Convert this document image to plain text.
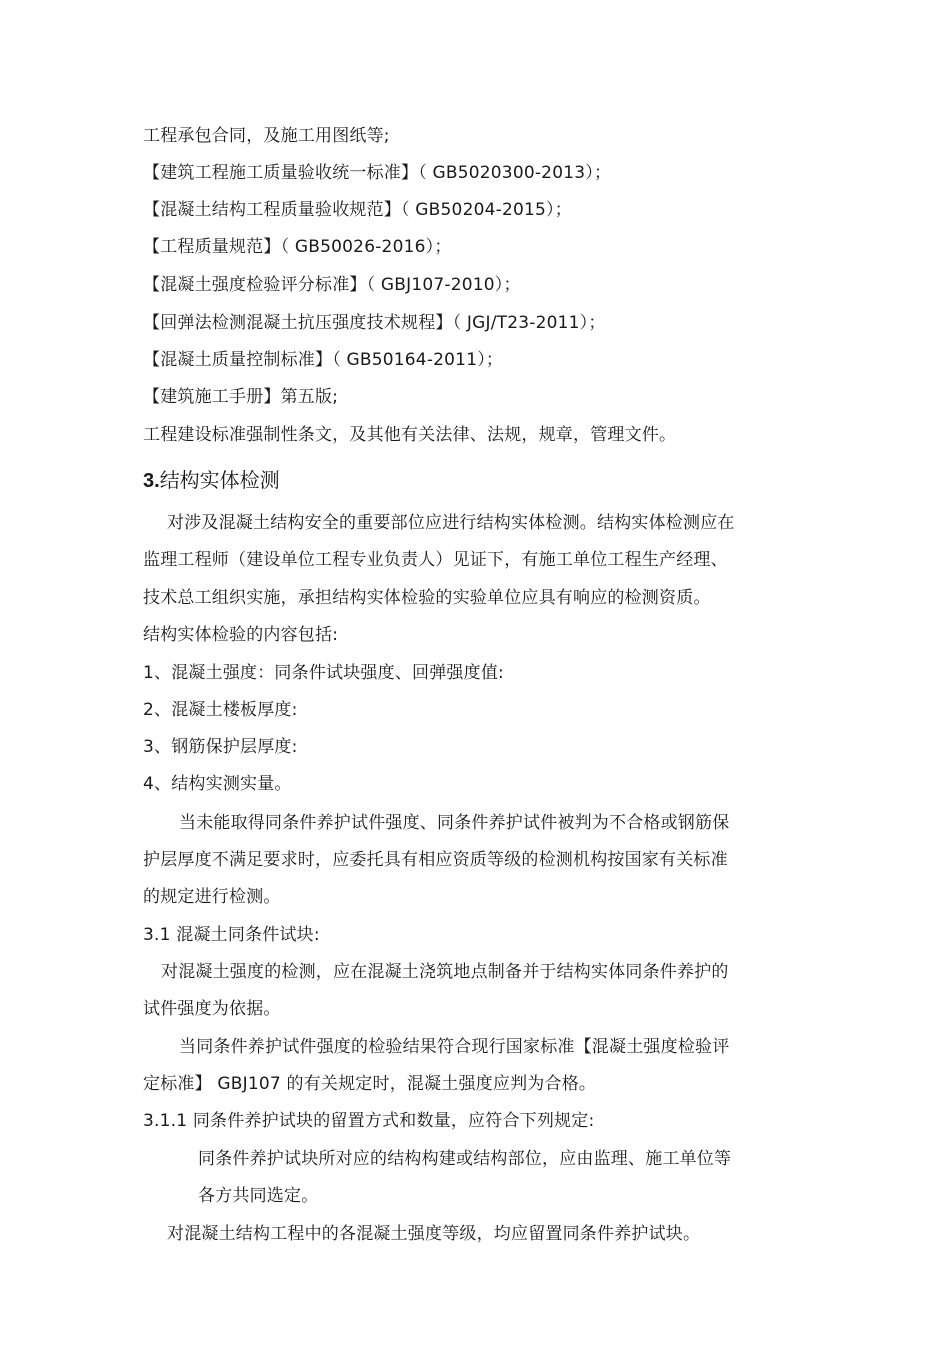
工程承包合同，及施工用图纸等;
【建筑工程施工质量验收统一标准】（ GB5020300-2013）；
【混凝土结构工程质量验收规范】（ GB50204-2015）；
【工程质量规范】（ GB50026-2016）；
【混凝土强度检验评分标准】（ GBJ107-2010）；
【回弹法检测混凝土抗压强度技术规程】（ JGJ/T23-2011）；
【混凝土质量控制标准】（ GB50164-2011）；
【建筑施工手册】第五版;
工程建设标准强制性条文，及其他有关法律、法规，规章，管理文件。
3.结构实体检测
对涉及混凝土结构安全的重要部位应进行结构实体检测。结构实体检测应在
监理工程师（建设单位工程专业负责人）见证下，有施工单位工程生产经理、
技术总工组织实施，承担结构实体检验的实验单位应具有响应的检测资质。
结构实体检验的内容包括:
1、混凝土强度：同条件试块强度、回弹强度值:
2、混凝土楼板厚度:
3、钢筋保护层厚度:
4、结构实测实量。
当未能取得同条件养护试件强度、同条件养护试件被判为不合格或钢筋保
护层厚度不满足要求时，应委托具有相应资质等级的检测机构按国家有关标准
的规定进行检测。
3.1 混凝土同条件试块:
对混凝土强度的检测，应在混凝土浇筑地点制备并于结构实体同条件养护的
试件强度为依据。
当同条件养护试件强度的检验结果符合现行国家标准【混凝土强度检验评
定标准】 GBJ107 的有关规定时，混凝土强度应判为合格。
3.1.1 同条件养护试块的留置方式和数量，应符合下列规定:
同条件养护试块所对应的结构构建或结构部位，应由监理、施工单位等
各方共同选定。
对混凝土结构工程中的各混凝土强度等级，均应留置同条件养护试块。
